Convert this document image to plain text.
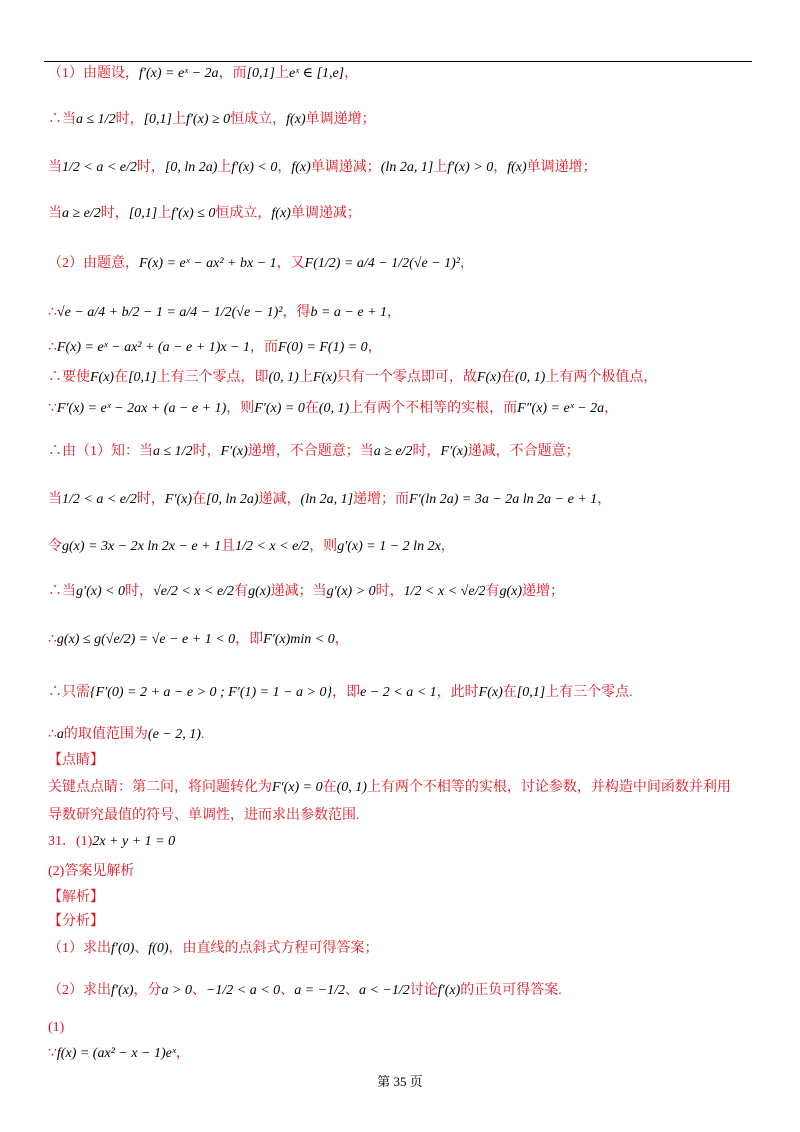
（1）由题设，f′(x) = eˣ − 2a，而[0,1]上eˣ ∈ [1,e]，
∴当a ≤ 1/2时，[0,1]上f′(x) ≥ 0恒成立，f(x)单调递增；
当1/2 < a < e/2时，[0, ln 2a)上f′(x) < 0，f(x)单调递减；(ln 2a, 1]上f′(x) > 0，f(x)单调递增；
当a ≥ e/2时，[0,1]上f′(x) ≤ 0恒成立，f(x)单调递减；
（2）由题意，F(x) = eˣ − ax² + bx − 1，又F(1/2) = a/4 − 1/2(√e − 1)²，
∴√e − a/4 + b/2 − 1 = a/4 − 1/2(√e − 1)²，得b = a − e + 1，
∴F(x) = eˣ − ax² + (a − e + 1)x − 1，而F(0) = F(1) = 0，
∴要使F(x)在[0,1]上有三个零点，即(0, 1)上F(x)只有一个零点即可，故F(x)在(0, 1)上有两个极值点，
∵F′(x) = eˣ − 2ax + (a − e + 1)，则F′(x) = 0在(0, 1)上有两个不相等的实根，而F″(x) = eˣ − 2a，
∴由（1）知：当a ≤ 1/2时，F′(x)递增，不合题意；当a ≥ e/2时，F′(x)递减，不合题意；
当1/2 < a < e/2时，F′(x)在[0, ln 2a)递减，(ln 2a, 1]递增；而F′(ln 2a) = 3a − 2a ln 2a − e + 1，
令g(x) = 3x − 2x ln 2x − e + 1且1/2 < x < e/2，则g′(x) = 1 − 2 ln 2x，
∴当g′(x) < 0时，√e/2 < x < e/2有g(x)递减；当g′(x) > 0时，1/2 < x < √e/2有g(x)递增；
∴g(x) ≤ g(√e/2) = √e − e + 1 < 0，即F′(x)min < 0，
∴只需{F′(0) = 2 + a − e > 0 ; F′(1) = 1 − a > 0}，即e − 2 < a < 1，此时F(x)在[0,1]上有三个零点.
∴a的取值范围为(e − 2, 1).
【点睛】
关键点点睛：第二问，将问题转化为F′(x) = 0在(0, 1)上有两个不相等的实根，讨论参数，并构造中间函数并利用
导数研究最值的符号、单调性，进而求出参数范围.
31．(1)2x + y + 1 = 0
(2)答案见解析
【解析】
【分析】
（1）求出f′(0)、f(0)，由直线的点斜式方程可得答案；
（2）求出f′(x)，分a > 0、−1/2 < a < 0、a = −1/2、a < −1/2讨论f′(x)的正负可得答案.
(1)
∵f(x) = (ax² − x − 1)eˣ，
第 35 页
